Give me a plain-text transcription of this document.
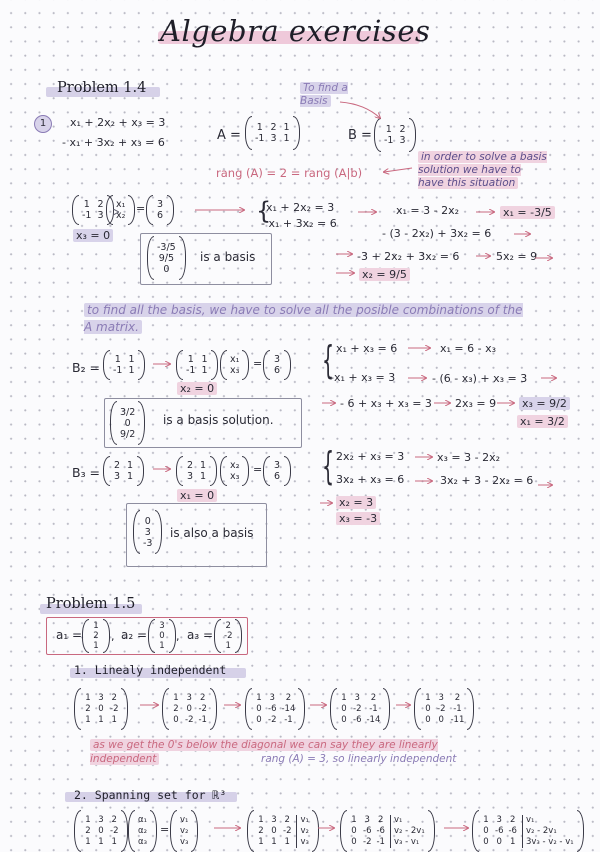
Algebra exercises
Problem 1.4	To find a Basis
1	x₁ + 2x₂ + x₃ = 3
- x₁ + 3x₂ + x₃ = 6	A =
1 2 1
-1 3 1	B = 1 2
-1 3
rang (A) = 2 = rang (A|b)
in order to solve a basis solution we have to have this situation
1 2
-1 3
x₁
x₂
= 3
6	{
x₁ + 2x₂ = 3
- x₁ + 3x₂ = 6
x₁ = 3 - 2x₂	x₁ = -3/5
- (3 - 2x₂) + 3x₂ = 6
-3 + 2x₂ + 3x₂ = 6	5x₂ = 9
x₂ = 9/5
x₃ = 0
-3/5
9/5
0
is a basis
to find all the basis, we have to solve all the posible combinations of the A matrix.
B₂ =
1 1
-1 1
1 1
-1 1
x₁
x₃
= 3
6
x₂ = 0
{ x₁ + x₃ = 6	x₁ = 6 - x₃
-x₁ + x₃ = 3	- (6 - x₃) + x₃ = 3
- 6 + x₃ + x₃ = 3 2x₃ = 9 x₃ = 9/2
x₁ = 3/2
3/2
0
9/2
is a basis solution.
B₃ = 2 1
3 1
2 1
3 1
x₂
x₃
= 3
6
x₁ = 0
{ 2x₂ + x₃ = 3	x₃ = 3 - 2x₂
3x₂ + x₃ = 6	3x₂ + 3 - 2x₂ = 6
x₂ = 3
x₃ = -3
0
3
-3
is also a basis
Problem 1.5
a₁ =
1
2
1
, a₂ =
3
0
1
, a₃ =
2
-2
1
1. Linealy independent
1 3 2
2 0 -2
1 1 1
1 3 2
2 0 -2
0 -2 -1
1 3	2
0 -6 -14
0 -2 -1
1 3	2
0 -2 -1
0 -6 -14
1 3	2
0 -2 -1
0 0 -11
as we get the 0's below the diagonal we can say they are linearly independent	rang (A) = 3, so linearly independent
2. Spanning set for ℝ³
1 3 2
2 0 -2
1 1 1
α₁
α₂
α₃
=
v₁
v₂
v₃
1 3 2	v₁
2 0 -2	v₂
1 1 1	v₃
1 3 2	v₁
0 -6 -6	v₂ - 2v₁
0 -2 -1	v₃ - v₁
1 3 2	v₁
0 -6 -6	v₂ - 2v₁
0 0 1	3v₃ - v₂ - v₁
